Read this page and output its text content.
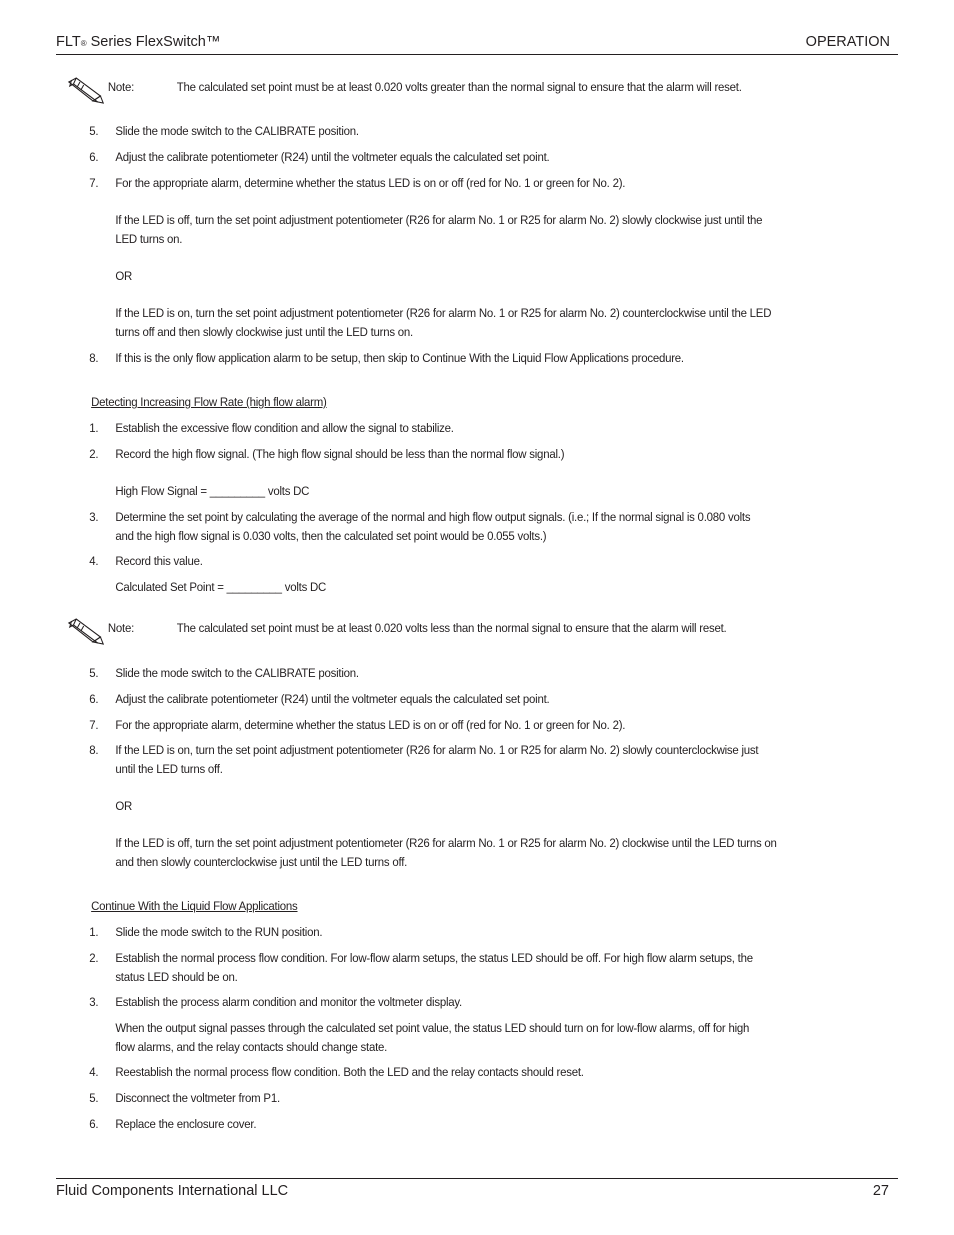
FLT® Series FlexSwitch™	OPERATION
Note:	The calculated set point must be at least 0.020 volts greater than the normal signal to ensure that the alarm will reset.
5. Slide the mode switch to the CALIBRATE position.
6. Adjust the calibrate potentiometer (R24) until the voltmeter equals the calculated set point.
7. For the appropriate alarm, determine whether the status LED is on or off (red for No. 1 or green for No. 2).
If the LED is off, turn the set point adjustment potentiometer (R26 for alarm No. 1 or R25 for alarm No. 2) slowly clockwise just until the
LED turns on.
OR
If the LED is on, turn the set point adjustment potentiometer (R26 for alarm No. 1 or R25 for alarm No. 2) counterclockwise until the LED
turns off and then slowly clockwise just until the LED turns on.
8. If this is the only flow application alarm to be setup, then skip to Continue With the Liquid Flow Applications procedure.
Detecting Increasing Flow Rate (high flow alarm)
1. Establish the excessive flow condition and allow the signal to stabilize.
2. Record the high flow signal. (The high flow signal should be less than the normal flow signal.)
High Flow Signal = _________ volts DC
3. Determine the set point by calculating the average of the normal and high flow output signals. (i.e.; If the normal signal is 0.080 volts
and the high flow signal is 0.030 volts, then the calculated set point would be 0.055 volts.)
4. Record this value.
Calculated Set Point = _________ volts DC
Note:	The calculated set point must be at least 0.020 volts less than the normal signal to ensure that the alarm will reset.
5. Slide the mode switch to the CALIBRATE position.
6. Adjust the calibrate potentiometer (R24) until the voltmeter equals the calculated set point.
7. For the appropriate alarm, determine whether the status LED is on or off (red for No. 1 or green for No. 2).
8. If the LED is on, turn the set point adjustment potentiometer (R26 for alarm No. 1 or R25 for alarm No. 2) slowly counterclockwise just
until the LED turns off.
OR
If the LED is off, turn the set point adjustment potentiometer (R26 for alarm No. 1 or R25 for alarm No. 2) clockwise until the LED turns on
and then slowly counterclockwise just until the LED turns off.
Continue With the Liquid Flow Applications
1. Slide the mode switch to the RUN position.
2. Establish the normal process flow condition. For low-flow alarm setups, the status LED should be off. For high flow alarm setups, the
status LED should be on.
3. Establish the process alarm condition and monitor the voltmeter display.
When the output signal passes through the calculated set point value, the status LED should turn on for low-flow alarms, off for high
flow alarms, and the relay contacts should change state.
4. Reestablish the normal process flow condition. Both the LED and the relay contacts should reset.
5. Disconnect the voltmeter from P1.
6. Replace the enclosure cover.
Fluid Components International LLC	27
